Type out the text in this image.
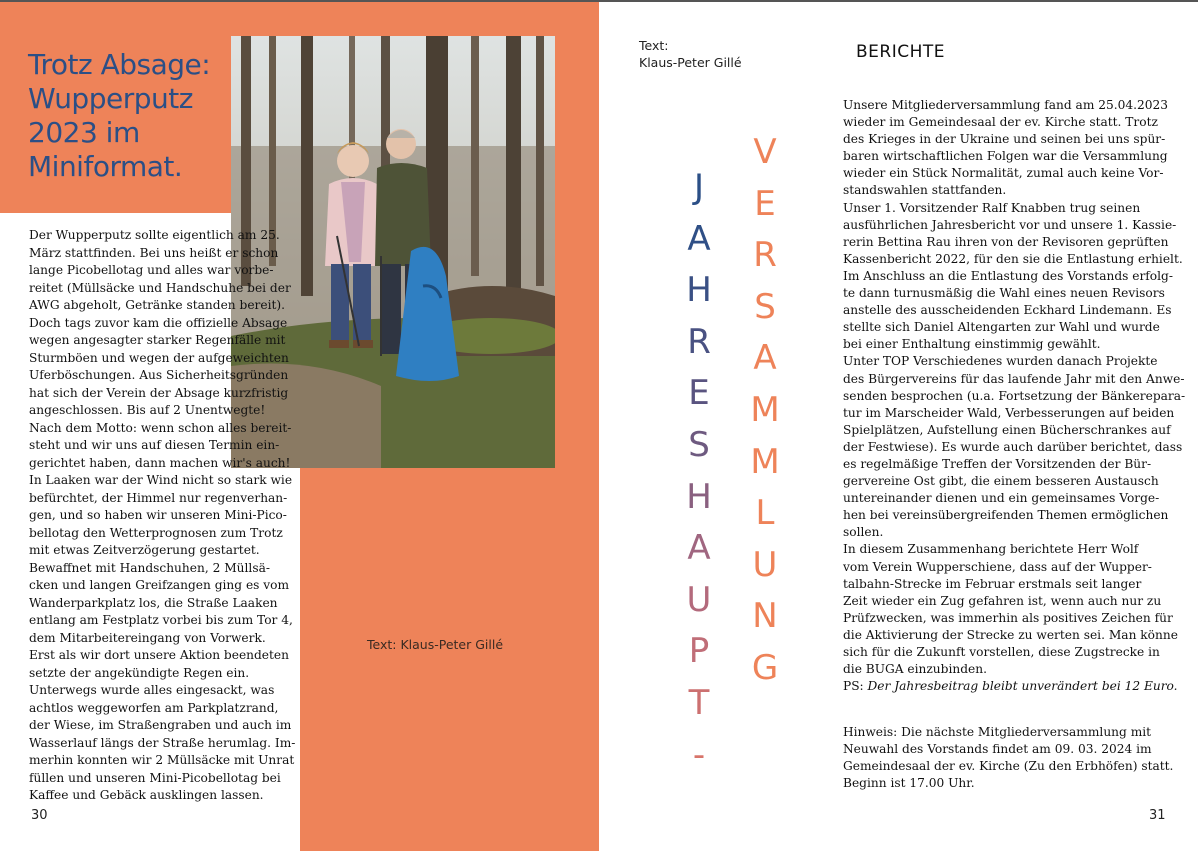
Trotz Absage:
Wupperputz
2023 im
Miniformat.
Der Wupperputz sollte eigentlich am 25.
März stattfinden. Bei uns heißt er schon
lange Picobellotag und alles war vorbe-
reitet (Müllsäcke und Handschuhe bei der
AWG abgeholt, Getränke standen bereit).
Doch tags zuvor kam die offizielle Absage
wegen angesagter starker Regenfälle mit
Sturmböen und wegen der aufgeweichten
Uferböschungen. Aus Sicherheitsgründen
hat sich der Verein der Absage kurzfristig
angeschlossen. Bis auf 2 Unentwegte!
Nach dem Motto: wenn schon alles bereit-
steht und wir uns auf diesen Termin ein-
gerichtet haben, dann machen wir's auch!
In Laaken war der Wind nicht so stark wie
befürchtet, der Himmel nur regenverhan-
gen, und so haben wir unseren Mini-Pico-
bellotag den Wetterprognosen zum Trotz
mit etwas Zeitverzögerung gestartet.
Bewaffnet mit Handschuhen, 2 Müllsä-
cken und langen Greifzangen ging es vom
Wanderparkplatz los, die Straße Laaken
entlang am Festplatz vorbei bis zum Tor 4,
dem Mitarbeitereingang von Vorwerk.
Erst als wir dort unsere Aktion beendeten
setzte der angekündigte Regen ein.
Unterwegs wurde alles eingesackt, was
achtlos weggeworfen am Parkplatzrand,
der Wiese, im Straßengraben und auch im
Wasserlauf längs der Straße herumlag. Im-
merhin konnten wir 2 Müllsäcke mit Unrat
füllen und unseren Mini-Picobellotag bei
Kaffee und Gebäck ausklingen lassen.
Text: Klaus-Peter Gillé
30
Text:
Klaus-Peter Gillé
BERICHTE
J
A
H
R
E
S
H
A
U
P
T
-
V
E
R
S
A
M
M
L
U
N
G
Unsere Mitgliederversammlung fand am 25.04.2023
wieder im Gemeindesaal der ev. Kirche statt. Trotz
des Krieges in der Ukraine und seinen bei uns spür-
baren wirtschaftlichen Folgen war die Versammlung
wieder ein Stück Normalität, zumal auch keine Vor-
standswahlen stattfanden.
Unser 1. Vorsitzender Ralf Knabben trug seinen
ausführlichen Jahresbericht vor und unsere 1. Kassie-
rerin Bettina Rau ihren von der Revisoren geprüften
Kassenbericht 2022, für den sie die Entlastung erhielt.
Im Anschluss an die Entlastung des Vorstands erfolg-
te dann turnusmäßig die Wahl eines neuen Revisors
anstelle des ausscheidenden Eckhard Lindemann. Es
stellte sich Daniel Altengarten zur Wahl und wurde
bei einer Enthaltung einstimmig gewählt.
Unter TOP Verschiedenes wurden danach Projekte
des Bürgervereins für das laufende Jahr mit den Anwe-
senden besprochen (u.a. Fortsetzung der Bänkerepara-
tur im Marscheider Wald, Verbesserungen auf beiden
Spielplätzen, Aufstellung einen Bücherschrankes auf
der Festwiese). Es wurde auch darüber berichtet, dass
es regelmäßige Treffen der Vorsitzenden der Bür-
gervereine Ost gibt, die einem besseren Austausch
untereinander dienen und ein gemeinsames Vorge-
hen bei vereinsübergreifenden Themen ermöglichen
sollen.
In diesem Zusammenhang berichtete Herr Wolf
vom Verein Wupperschiene, dass auf der Wupper-
talbahn-Strecke im Februar erstmals seit langer
Zeit wieder ein Zug gefahren ist, wenn auch nur zu
Prüfzwecken, was immerhin als positives Zeichen für
die Aktivierung der Strecke zu werten sei. Man könne
sich für die Zukunft vorstellen, diese Zugstrecke in
die BUGA einzubinden.
PS: Der Jahresbeitrag bleibt unverändert bei 12 Euro.
Hinweis: Die nächste Mitgliederversammlung mit
Neuwahl des Vorstands findet am 09. 03. 2024 im
Gemeindesaal der ev. Kirche (Zu den Erbhöfen) statt.
Beginn ist 17.00 Uhr.
31
